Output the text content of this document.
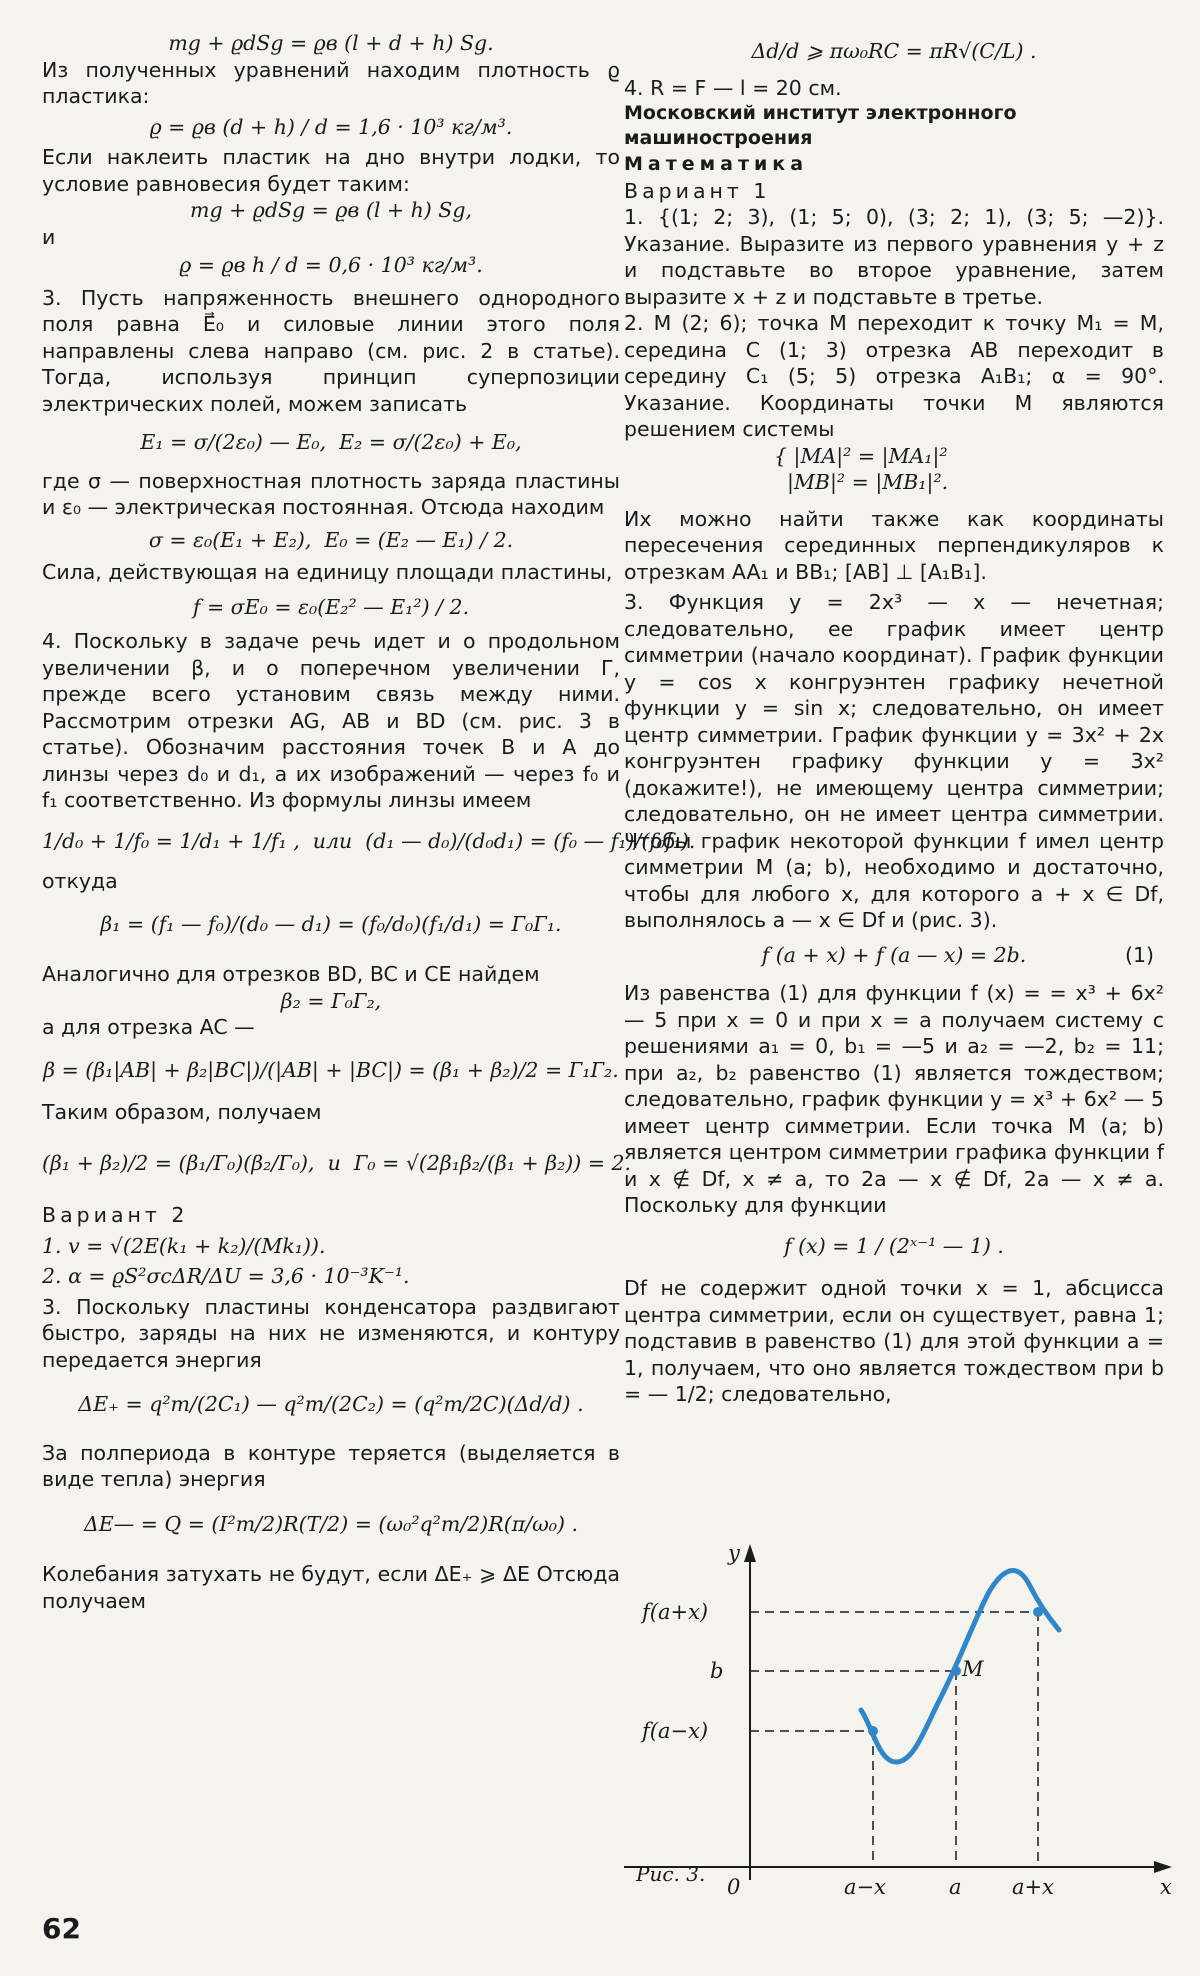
mg + ϱdSg = ϱв (l + d + h) Sg.

Из полученных уравнений находим плотность ϱ пластика:

ϱ = ϱв (d + h) / d = 1,6 · 10³ кг/м³.

Если наклеить пластик на дно внутри лодки, то условие равновесия будет таким:

mg + ϱdSg = ϱв (l + h) Sg,

и

ϱ = ϱв h / d = 0,6 · 10³ кг/м³.

3. Пусть напряженность внешнего однородного поля равна E⃗₀ и силовые линии этого поля направлены слева направо (см. рис. 2 в статье). Тогда, используя принцип суперпозиции электрических полей, можем записать

E₁ = σ/(2ε₀) — E₀,  E₂ = σ/(2ε₀) + E₀,

где σ — поверхностная плотность заряда пластины и ε₀ — электрическая постоянная. Отсюда находим

σ = ε₀(E₁ + E₂),  E₀ = (E₂ — E₁) / 2.

Сила, действующая на единицу площади пластины,

f = σE₀ = ε₀(E₂² — E₁²) / 2.

4. Поскольку в задаче речь идет и о продольном увеличении β, и о поперечном увеличении Г, прежде всего установим связь между ними. Рассмотрим отрезки AG, AB и BD (см. рис. 3 в статье). Обозначим расстояния точек B и A до линзы через d₀ и d₁, а их изображений — через f₀ и f₁ соответственно. Из формулы линзы имеем

1/d₀ + 1/f₀ = 1/d₁ + 1/f₁ ,  или  (d₁ — d₀)/(d₀d₁) = (f₀ — f₁)/(f₀f₁).

откуда

β₁ = (f₁ — f₀)/(d₀ — d₁) = (f₀/d₀)(f₁/d₁) = Г₀Г₁.

Аналогично для отрезков BD, BC и CE найдем

β₂ = Г₀Г₂,

а для отрезка AC —

β = (β₁|AB| + β₂|BC|)/(|AB| + |BC|) = (β₁ + β₂)/2 = Г₁Г₂.

Таким образом, получаем

(β₁ + β₂)/2 = (β₁/Г₀)(β₂/Г₀),  и  Г₀ = √(2β₁β₂/(β₁ + β₂)) = 2.

Вариант 2

1. v = √(2E(k₁ + k₂)/(Mk₁)).

2. α = ϱS²σcΔR/ΔU = 3,6 · 10⁻³K⁻¹.

3. Поскольку пластины конденсатора раздвигают быстро, заряды на них не изменяются, и контуру передается энергия

ΔE₊ = q²m/(2C₁) — q²m/(2C₂) = (q²m/2C)(Δd/d) .

За полпериода в контуре теряется (выделяется в виде тепла) энергия

ΔE— = Q = (I²m/2)R(T/2) = (ω₀²q²m/2)R(π/ω₀) .

Колебания затухать не будут, если ΔE₊ ⩾ ΔE Отсюда получаем

Δd/d ⩾ πω₀RC = πR√(C/L) .

4. R = F — l = 20 см.

Московский институт электронного машиностроения

Математика

Вариант 1

1. {(1; 2; 3), (1; 5; 0), (3; 2; 1), (3; 5; —2)}. Указание. Выразите из первого уравнения y + z и подставьте во второе уравнение, затем выразите x + z и подставьте в третье.

2. M (2; 6); точка M переходит к точку M₁ = M, середина C (1; 3) отрезка AB переходит в середину C₁ (5; 5) отрезка A₁B₁; α = 90°. Указание. Координаты точки M являются решением системы

{ |MA|² = |MA₁|²

|MB|² = |MB₁|².

Их можно найти также как координаты пересечения серединных перпендикуляров к отрезкам AA₁ и BB₁; [AB] ⊥ [A₁B₁].

3. Функция y = 2x³ — x — нечетная; следовательно, ее график имеет центр симметрии (начало координат). График функции y = cos x конгруэнтен графику нечетной функции y = sin x; следовательно, он имеет центр симметрии. График функции y = 3x² + 2x конгруэнтен графику функции y = 3x² (докажите!), не имеющему центра симметрии; следовательно, он не имеет центра симметрии. Чтобы график некоторой функции f имел центр симметрии M (a; b), необходимо и достаточно, чтобы для любого x, для которого a + x ∈ Df, выполнялось a — x ∈ Df и (рис. 3).

f (a + x) + f (a — x) = 2b.	(1)

Из равенства (1) для функции f (x) = = x³ + 6x² — 5 при x = 0 и при x = a получаем систему с решениями a₁ = 0, b₁ = —5 и a₂ = —2, b₂ = 11; при a₂, b₂ равенство (1) является тождеством; следовательно, график функции y = x³ + 6x² — 5 имеет центр симметрии. Если точка M (a; b) является центром симметрии графика функции f и x ∉ Df, x ≠ a, то 2a — x ∉ Df, 2a — x ≠ a. Поскольку для функции

f (x) = 1 / (2ˣ⁻¹ — 1) .

Df не содержит одной точки x = 1, абсцисса центра симметрии, если он существует, равна 1; подставив в равенство (1) для этой функции a = 1, получаем, что оно является тождеством при b = — 1/2; следовательно,

y
x
0
f(a+x)
b
f(a−x)
M
a−x	a a+x
Рис. 3.
62
